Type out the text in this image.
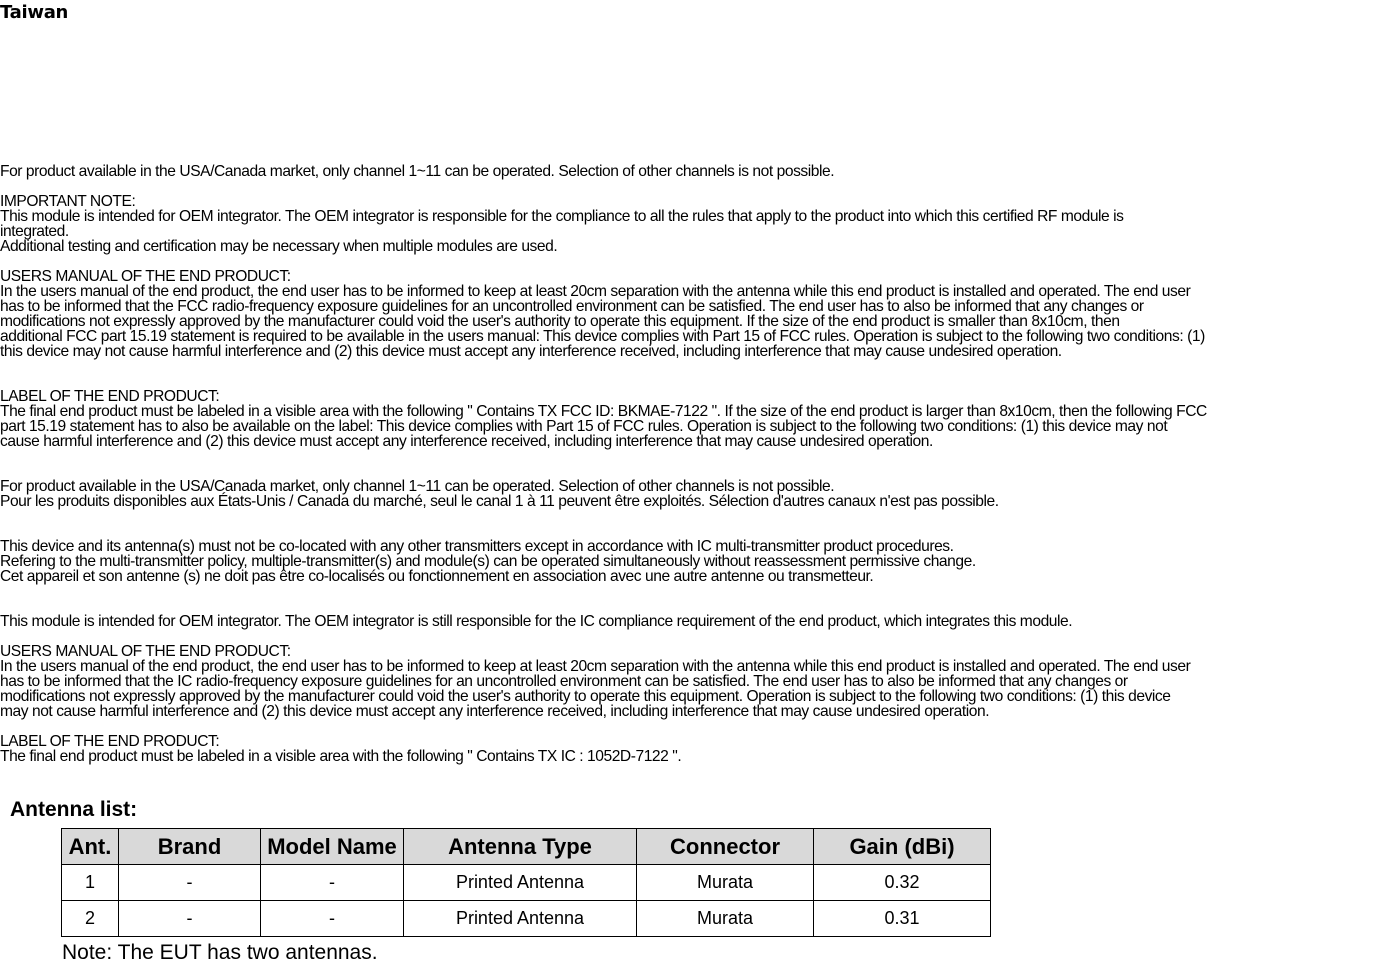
Taiwan
For product available in the USA/Canada market, only channel 1~11 can be operated. Selection of other channels is not possible.
IMPORTANT NOTE:
This module is intended for OEM integrator. The OEM integrator is responsible for the compliance to all the rules that apply to the product into which this certified RF module is
integrated.
Additional testing and certification may be necessary when multiple modules are used.
USERS MANUAL OF THE END PRODUCT:
In the users manual of the end product, the end user has to be informed to keep at least 20cm separation with the antenna while this end product is installed and operated. The end user
has to be informed that the FCC radio-frequency exposure guidelines for an uncontrolled environment can be satisfied. The end user has to also be informed that any changes or
modifications not expressly approved by the manufacturer could void the user's authority to operate this equipment. If the size of the end product is smaller than 8x10cm, then
additional FCC part 15.19 statement is required to be available in the users manual: This device complies with Part 15 of FCC rules. Operation is subject to the following two conditions: (1)
this device may not cause harmful interference and (2) this device must accept any interference received, including interference that may cause undesired operation.
LABEL OF THE END PRODUCT:
The final end product must be labeled in a visible area with the following " Contains TX FCC ID: BKMAE-7122 ". If the size of the end product is larger than 8x10cm, then the following FCC
part 15.19 statement has to also be available on the label: This device complies with Part 15 of FCC rules. Operation is subject to the following two conditions: (1) this device may not
cause harmful interference and (2) this device must accept any interference received, including interference that may cause undesired operation.
For product available in the USA/Canada market, only channel 1~11 can be operated. Selection of other channels is not possible.
Pour les produits disponibles aux États-Unis / Canada du marché, seul le canal 1 à 11 peuvent être exploités. Sélection d'autres canaux n'est pas possible.
This device and its antenna(s) must not be co-located with any other transmitters except in accordance with IC multi-transmitter product procedures.
Refering to the multi-transmitter policy, multiple-transmitter(s) and module(s) can be operated simultaneously without reassessment permissive change.
Cet appareil et son antenne (s) ne doit pas être co-localisés ou fonctionnement en association avec une autre antenne ou transmetteur.
This module is intended for OEM integrator. The OEM integrator is still responsible for the IC compliance requirement of the end product, which integrates this module.
USERS MANUAL OF THE END PRODUCT:
In the users manual of the end product, the end user has to be informed to keep at least 20cm separation with the antenna while this end product is installed and operated. The end user
has to be informed that the IC radio-frequency exposure guidelines for an uncontrolled environment can be satisfied. The end user has to also be informed that any changes or
modifications not expressly approved by the manufacturer could void the user's authority to operate this equipment. Operation is subject to the following two conditions: (1) this device
may not cause harmful interference and (2) this device must accept any interference received, including interference that may cause undesired operation.
LABEL OF THE END PRODUCT:
The final end product must be labeled in a visible area with the following " Contains TX IC : 1052D-7122 ".
Antenna list:
Ant.	Brand	Model Name	Antenna Type	Connector	Gain (dBi)
1	-	-	Printed Antenna	Murata	0.32
2	-	-	Printed Antenna	Murata	0.31
Note: The EUT has two antennas.
